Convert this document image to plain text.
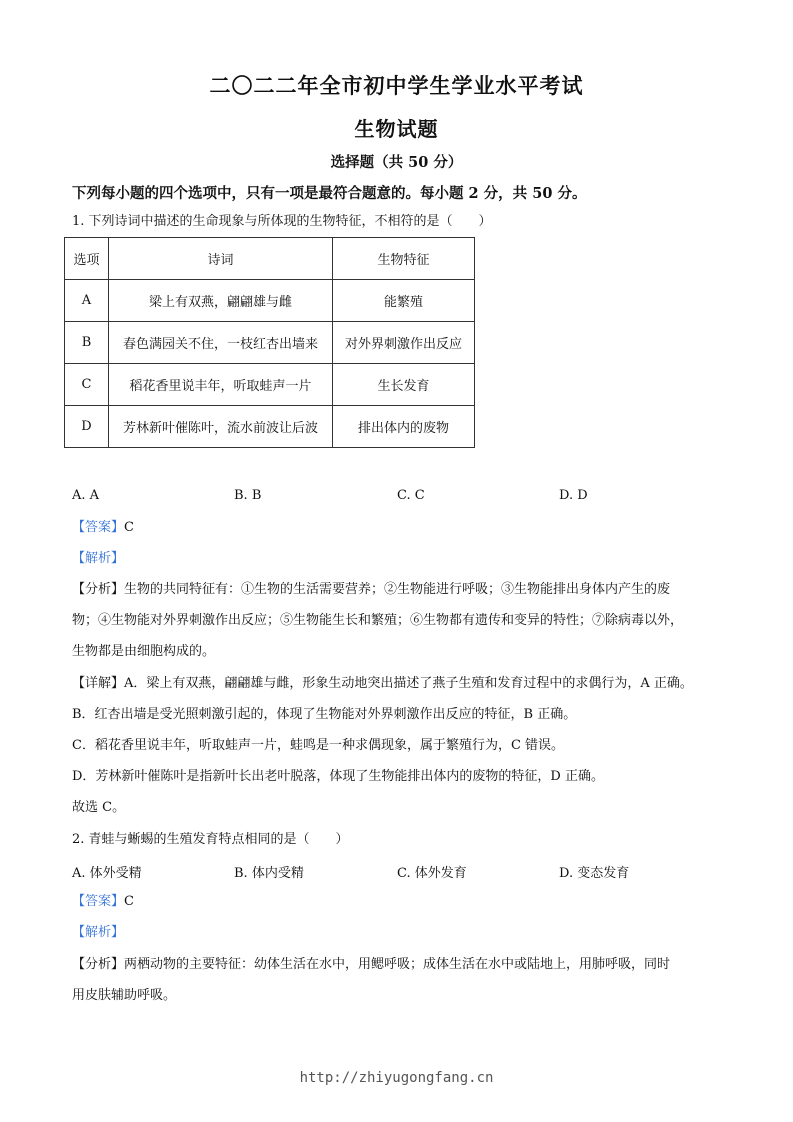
二〇二二年全市初中学生学业水平考试
生物试题
选择题（共 50 分）
下列每小题的四个选项中，只有一项是最符合题意的。每小题 2 分，共 50 分。
1. 下列诗词中描述的生命现象与所体现的生物特征，不相符的是（　　）
选项	诗词	生物特征
A	梁上有双燕，翩翩雄与雌	能繁殖
B	春色满园关不住，一枝红杏出墙来	对外界刺激作出反应
C	稻花香里说丰年，听取蛙声一片	生长发育
D	芳林新叶催陈叶，流水前波让后波	排出体内的废物
A. A	B. B	C. C	D. D
【答案】C
【解析】
【分析】生物的共同特征有：①生物的生活需要营养；②生物能进行呼吸；③生物能排出身体内产生的废
物；④生物能对外界刺激作出反应；⑤生物能生长和繁殖；⑥生物都有遗传和变异的特性；⑦除病毒以外，
生物都是由细胞构成的。
【详解】A．梁上有双燕，翩翩雄与雌，形象生动地突出描述了燕子生殖和发育过程中的求偶行为，A 正确。
B．红杏出墙是受光照刺激引起的，体现了生物能对外界刺激作出反应的特征，B 正确。
C．稻花香里说丰年，听取蛙声一片，蛙鸣是一种求偶现象，属于繁殖行为，C 错误。
D．芳林新叶催陈叶是指新叶长出老叶脱落，体现了生物能排出体内的废物的特征，D 正确。
故选 C。
2. 青蛙与蜥蜴的生殖发育特点相同的是（　　）
A. 体外受精	B. 体内受精	C. 体外发育	D. 变态发育
【答案】C
【解析】
【分析】两栖动物的主要特征：幼体生活在水中，用鳃呼吸；成体生活在水中或陆地上，用肺呼吸，同时
用皮肤辅助呼吸。
http://zhiyugongfang.cn
